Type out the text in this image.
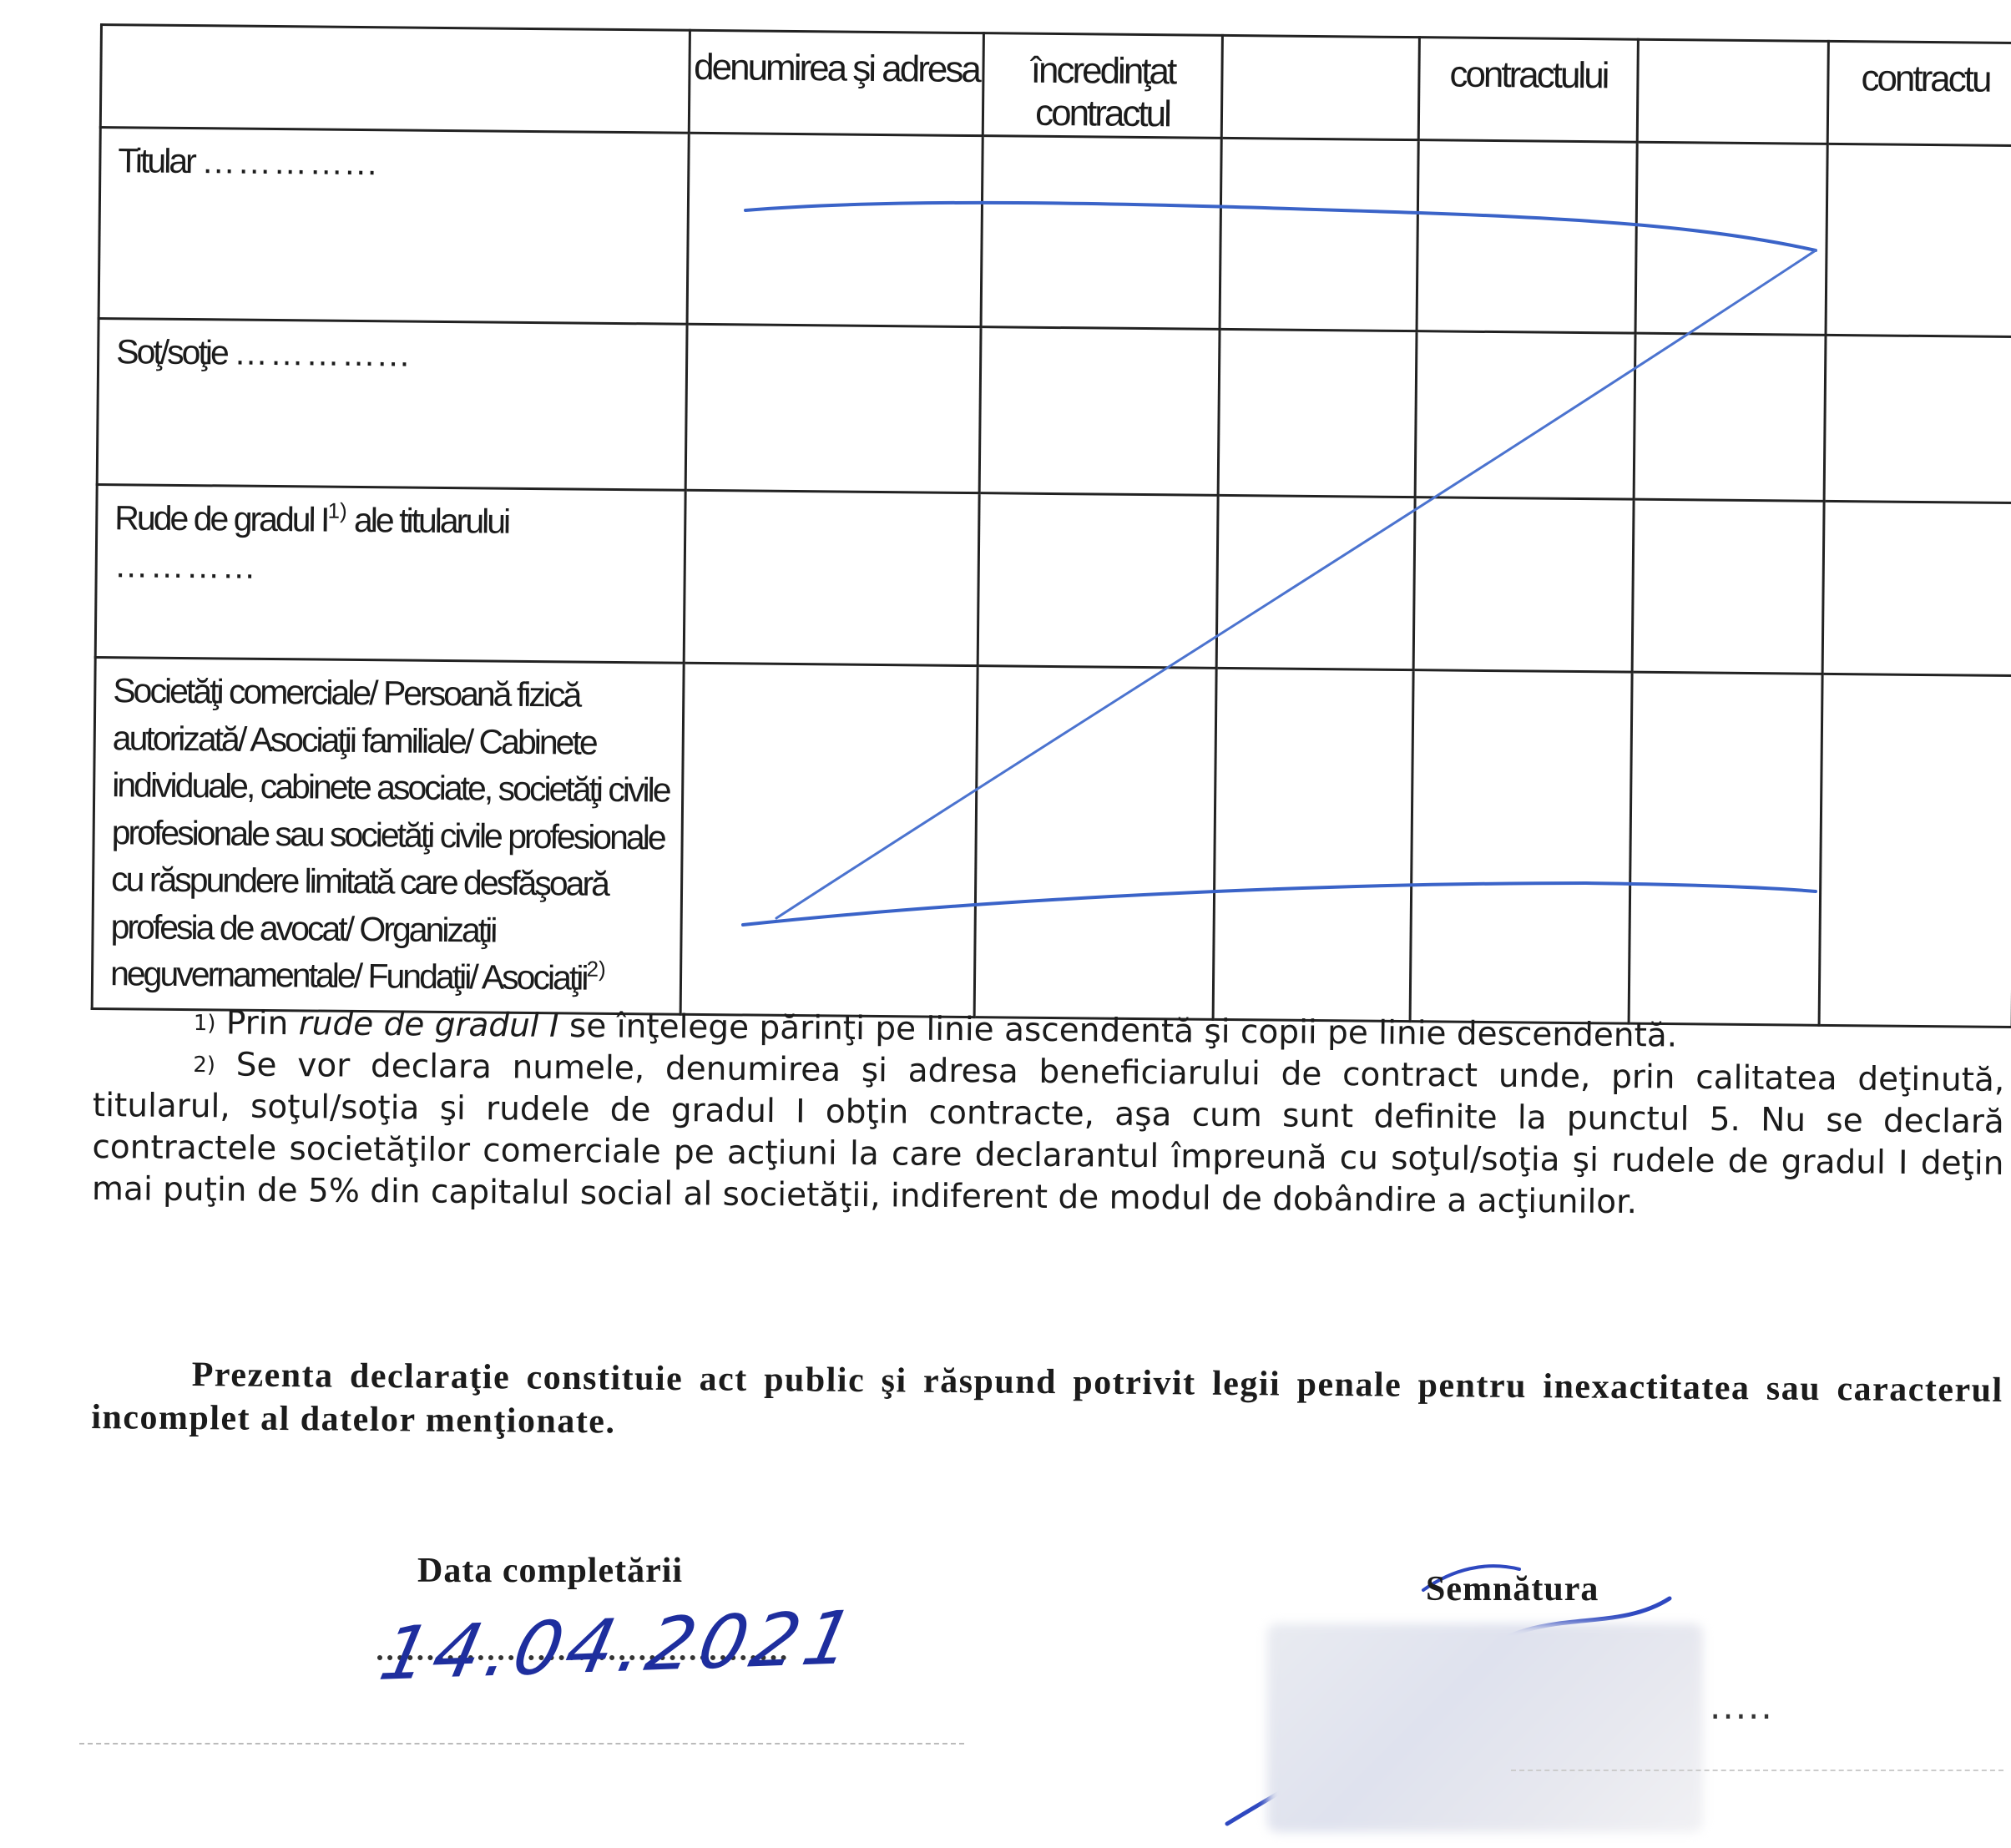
	denumirea şi adresa	încredinţat contractul		contractului		contractu
Titular …………...						
Soţ/soţie …………...						
Rude de gradul $I^{1)}$ ale titularului
…………						
Societăţi comerciale/ Persoană fizică autorizată/ Asociaţii familiale/ Cabinete individuale, cabinete asociate, societăţi civile profesionale sau societăţi civile profesionale cu răspundere limitată care desfăşoară profesia de avocat/ Organizaţii neguvernamentale/ Fundaţii/ Asociaţii$^{2)}$						

$^{1)}$ Prin rude de gradul I se înţelege părinţi pe linie ascendentă şi copii pe linie descendentă.

$^{2)}$ Se vor declara numele, denumirea şi adresa beneficiarului de contract unde, prin calitatea deţinută, titularul, soţul/soţia şi rudele de gradul I obţin contracte, aşa cum sunt definite la punctul 5. Nu se declară contractele societăţilor comerciale pe acţiuni la care declarantul împreună cu soţul/soţia şi rudele de gradul I deţin mai puţin de 5% din capitalul social al societăţii, indiferent de modul de dobândire a acţiunilor.

Prezenta declaraţie constituie act public şi răspund potrivit legii penale pentru inexactitatea sau caracterul incomplet al datelor menţionate.

Data completării
14.04.2021
Semnătura
.....
